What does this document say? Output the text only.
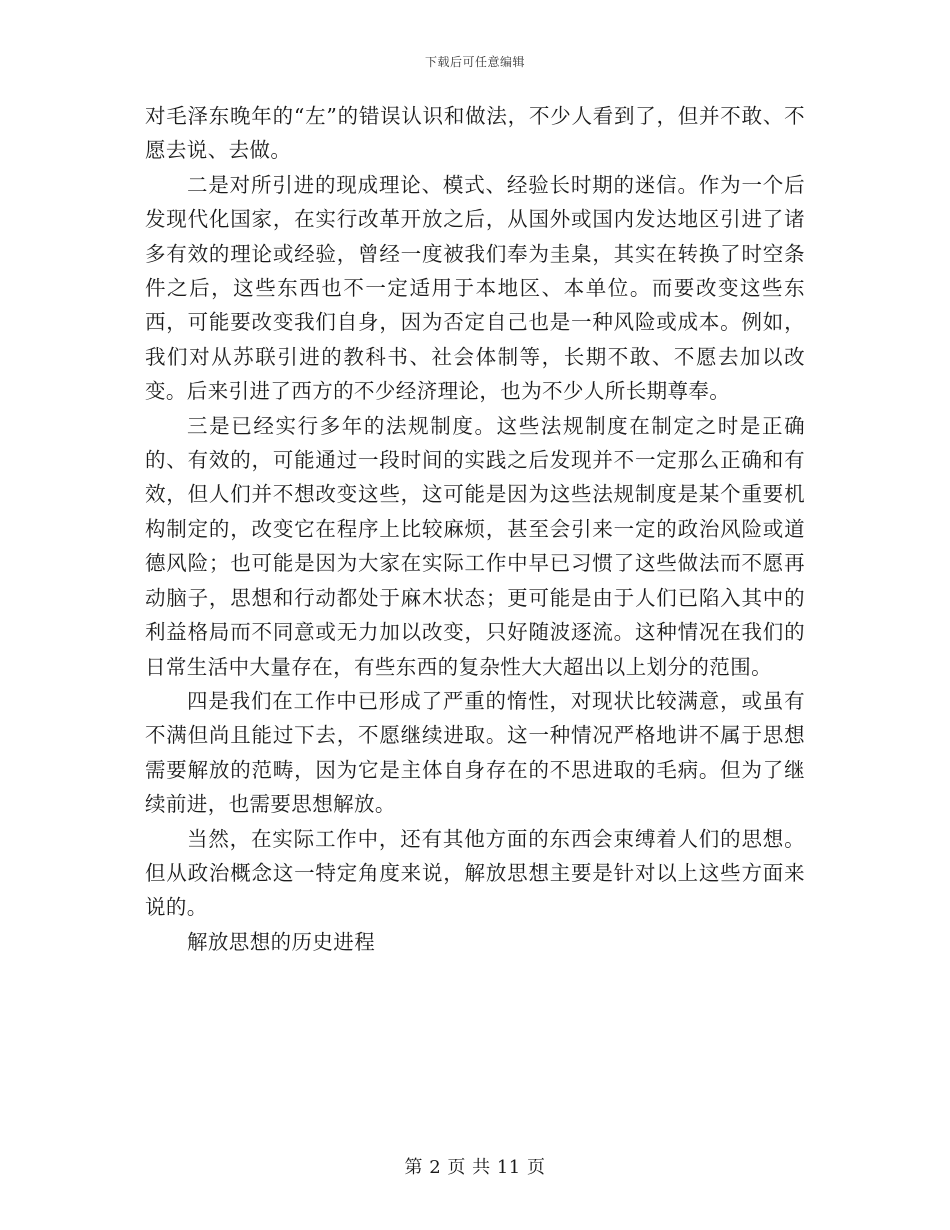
下载后可任意编辑

对毛泽东晚年的“左”的错误认识和做法，不少人看到了，但并不敢、不愿去说、去做。

二是对所引进的现成理论、模式、经验长时期的迷信。作为一个后发现代化国家，在实行改革开放之后，从国外或国内发达地区引进了诸多有效的理论或经验，曾经一度被我们奉为圭臬，其实在转换了时空条件之后，这些东西也不一定适用于本地区、本单位。而要改变这些东西，可能要改变我们自身，因为否定自己也是一种风险或成本。例如，我们对从苏联引进的教科书、社会体制等，长期不敢、不愿去加以改变。后来引进了西方的不少经济理论，也为不少人所长期尊奉。

三是已经实行多年的法规制度。这些法规制度在制定之时是正确的、有效的，可能通过一段时间的实践之后发现并不一定那么正确和有效，但人们并不想改变这些，这可能是因为这些法规制度是某个重要机构制定的，改变它在程序上比较麻烦，甚至会引来一定的政治风险或道德风险；也可能是因为大家在实际工作中早已习惯了这些做法而不愿再动脑子，思想和行动都处于麻木状态；更可能是由于人们已陷入其中的利益格局而不同意或无力加以改变，只好随波逐流。这种情况在我们的日常生活中大量存在，有些东西的复杂性大大超出以上划分的范围。

四是我们在工作中已形成了严重的惰性，对现状比较满意，或虽有不满但尚且能过下去，不愿继续进取。这一种情况严格地讲不属于思想需要解放的范畴，因为它是主体自身存在的不思进取的毛病。但为了继续前进，也需要思想解放。

当然，在实际工作中，还有其他方面的东西会束缚着人们的思想。但从政治概念这一特定角度来说，解放思想主要是针对以上这些方面来说的。

解放思想的历史进程

第 2 页 共 11 页
